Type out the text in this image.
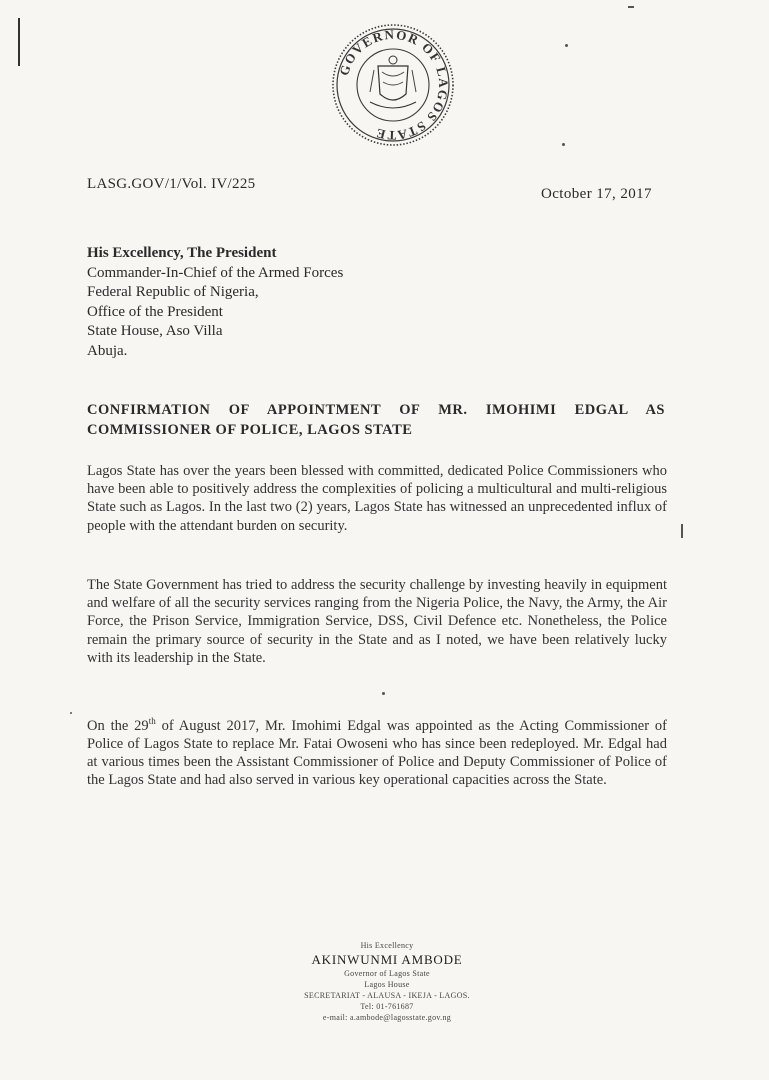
GOVERNOR OF LAGOS STATE
LASG.GOV/1/Vol. IV/225
October 17, 2017
His Excellency, The President
Commander-In-Chief of the Armed Forces
Federal Republic of Nigeria,
Office of the President
State House, Aso Villa
Abuja.
CONFIRMATION OF APPOINTMENT OF MR. IMOHIMI EDGAL AS
COMMISSIONER OF POLICE, LAGOS STATE
Lagos State has over the years been blessed with committed, dedicated Police Commissioners who have been able to positively address the complexities of policing a multicultural and multi-religious State such as Lagos. In the last two (2) years, Lagos State has witnessed an unprecedented influx of people with the attendant burden on security.
The State Government has tried to address the security challenge by investing heavily in equipment and welfare of all the security services ranging from the Nigeria Police, the Navy, the Army, the Air Force, the Prison Service, Immigration Service, DSS, Civil Defence etc. Nonetheless, the Police remain the primary source of security in the State and as I noted, we have been relatively lucky with its leadership in the State.
On the 29th of August 2017, Mr. Imohimi Edgal was appointed as the Acting Commissioner of Police of Lagos State to replace Mr. Fatai Owoseni who has since been redeployed. Mr. Edgal had at various times been the Assistant Commissioner of Police and Deputy Commissioner of Police of the Lagos State and had also served in various key operational capacities across the State.
His Excellency
AKINWUNMI AMBODE
Governor of Lagos State
Lagos House
SECRETARIAT - ALAUSA - IKEJA - LAGOS.
Tel: 01-761687
e-mail: a.ambode@lagosstate.gov.ng
